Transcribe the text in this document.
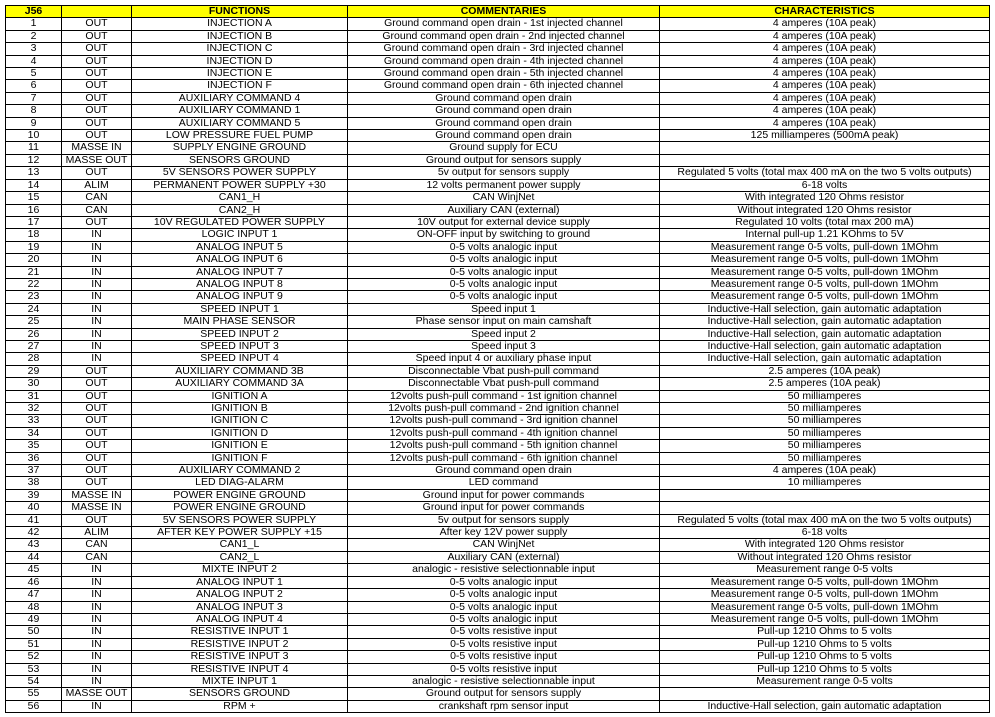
J56		FUNCTIONS	COMMENTARIES	CHARACTERISTICS
1	OUT	INJECTION A	Ground command open drain - 1st injected channel	4 amperes (10A peak)
2	OUT	INJECTION B	Ground command open drain - 2nd injected channel	4 amperes (10A peak)
3	OUT	INJECTION C	Ground command open drain - 3rd injected channel	4 amperes (10A peak)
4	OUT	INJECTION D	Ground command open drain - 4th injected channel	4 amperes (10A peak)
5	OUT	INJECTION E	Ground command open drain - 5th injected channel	4 amperes (10A peak)
6	OUT	INJECTION F	Ground command open drain - 6th injected channel	4 amperes (10A peak)
7	OUT	AUXILIARY COMMAND 4	Ground command open drain	4 amperes (10A peak)
8	OUT	AUXILIARY COMMAND 1	Ground command open drain	4 amperes (10A peak)
9	OUT	AUXILIARY COMMAND 5	Ground command open drain	4 amperes (10A peak)
10	OUT	LOW PRESSURE FUEL PUMP	Ground command open drain	125 milliamperes (500mA peak)
11	MASSE IN	SUPPLY ENGINE GROUND	Ground supply for ECU	
12	MASSE OUT	SENSORS GROUND	Ground output for sensors supply	
13	OUT	5V SENSORS POWER SUPPLY	5v output for sensors supply	Regulated 5 volts (total max 400 mA on the two 5 volts outputs)
14	ALIM	PERMANENT POWER SUPPLY +30	12 volts permanent power supply	6-18 volts
15	CAN	CAN1_H	CAN WinjNet	With integrated 120 Ohms resistor
16	CAN	CAN2_H	Auxiliary CAN (external)	Without integrated 120 Ohms resistor
17	OUT	10V REGULATED POWER SUPPLY	10V output for external device supply	Regulated 10 volts (total max 200 mA)
18	IN	LOGIC INPUT 1	ON-OFF input by switching to ground	Internal pull-up 1.21 KOhms to 5V
19	IN	ANALOG INPUT 5	0-5 volts analogic input	Measurement range 0-5 volts, pull-down 1MOhm
20	IN	ANALOG INPUT 6	0-5 volts analogic input	Measurement range 0-5 volts, pull-down 1MOhm
21	IN	ANALOG INPUT 7	0-5 volts analogic input	Measurement range 0-5 volts, pull-down 1MOhm
22	IN	ANALOG INPUT 8	0-5 volts analogic input	Measurement range 0-5 volts, pull-down 1MOhm
23	IN	ANALOG INPUT 9	0-5 volts analogic input	Measurement range 0-5 volts, pull-down 1MOhm
24	IN	SPEED INPUT 1	Speed input 1	Inductive-Hall selection, gain automatic adaptation
25	IN	MAIN PHASE SENSOR	Phase sensor input on main camshaft	Inductive-Hall selection, gain automatic adaptation
26	IN	SPEED INPUT 2	Speed input 2	Inductive-Hall selection, gain automatic adaptation
27	IN	SPEED INPUT 3	Speed input 3	Inductive-Hall selection, gain automatic adaptation
28	IN	SPEED INPUT 4	Speed input 4 or auxiliary phase input	Inductive-Hall selection, gain automatic adaptation
29	OUT	AUXILIARY COMMAND 3B	Disconnectable Vbat push-pull command	2.5 amperes (10A peak)
30	OUT	AUXILIARY COMMAND 3A	Disconnectable Vbat push-pull command	2.5 amperes (10A peak)
31	OUT	IGNITION A	12volts push-pull command - 1st ignition channel	50 milliamperes
32	OUT	IGNITION B	12volts push-pull command - 2nd ignition channel	50 milliamperes
33	OUT	IGNITION C	12volts push-pull command - 3rd ignition channel	50 milliamperes
34	OUT	IGNITION D	12volts push-pull command - 4th ignition channel	50 milliamperes
35	OUT	IGNITION E	12volts push-pull command - 5th ignition channel	50 milliamperes
36	OUT	IGNITION F	12volts push-pull command - 6th ignition channel	50 milliamperes
37	OUT	AUXILIARY COMMAND 2	Ground command open drain	4 amperes (10A peak)
38	OUT	LED DIAG-ALARM	LED command	10 milliamperes
39	MASSE IN	POWER ENGINE GROUND	Ground input for power commands	
40	MASSE IN	POWER ENGINE GROUND	Ground input for power commands	
41	OUT	5V SENSORS POWER SUPPLY	5v output for sensors supply	Regulated 5 volts (total max 400 mA on the two 5 volts outputs)
42	ALIM	AFTER KEY POWER SUPPLY +15	After key 12V power supply	6-18 volts
43	CAN	CAN1_L	CAN WinjNet	With integrated 120 Ohms resistor
44	CAN	CAN2_L	Auxiliary CAN (external)	Without integrated 120 Ohms resistor
45	IN	MIXTE INPUT 2	analogic - resistive selectionnable input	Measurement range 0-5 volts
46	IN	ANALOG INPUT 1	0-5 volts analogic input	Measurement range 0-5 volts, pull-down 1MOhm
47	IN	ANALOG INPUT 2	0-5 volts analogic input	Measurement range 0-5 volts, pull-down 1MOhm
48	IN	ANALOG INPUT 3	0-5 volts analogic input	Measurement range 0-5 volts, pull-down 1MOhm
49	IN	ANALOG INPUT 4	0-5 volts analogic input	Measurement range 0-5 volts, pull-down 1MOhm
50	IN	RESISTIVE INPUT 1	0-5 volts resistive input	Pull-up 1210 Ohms to 5 volts
51	IN	RESISTIVE INPUT 2	0-5 volts resistive input	Pull-up 1210 Ohms to 5 volts
52	IN	RESISTIVE INPUT 3	0-5 volts resistive input	Pull-up 1210 Ohms to 5 volts
53	IN	RESISTIVE INPUT 4	0-5 volts resistive input	Pull-up 1210 Ohms to 5 volts
54	IN	MIXTE INPUT 1	analogic - resistive selectionnable input	Measurement range 0-5 volts
55	MASSE OUT	SENSORS GROUND	Ground output for sensors supply	
56	IN	RPM +	crankshaft rpm sensor input	Inductive-Hall selection, gain automatic adaptation
